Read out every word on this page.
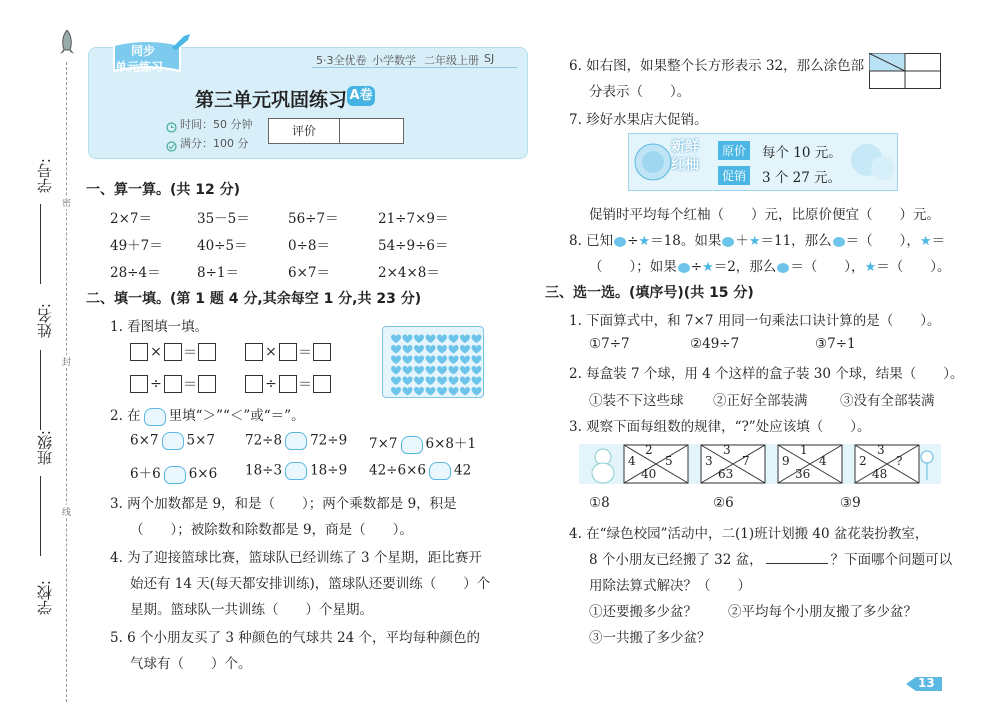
学号:
姓名:
班级:
学校:
密
封
线
同步
单元练习	5·3全优卷 小学数学 二年级上册 SJ
第三单元巩固练习 A卷
时间：50 分钟
满分：100 分
评价
一、算一算。(共 12 分)
2×7＝	35－5＝	56÷7＝	21÷7×9＝
49＋7＝	40÷5＝	0÷8＝	54÷9÷6＝
28÷4＝	8÷1＝	6×7＝	2×4×8＝
二、填一填。(第 1 题 4 分,其余每空 1 分,共 23 分)
1. 看图填一填。
× ＝	× ＝
÷ ＝	÷ ＝
2. 在 里填“＞”“＜”或“＝”。
6×7 5×7 72÷8 72÷9 7×7 6×8＋1
6＋6 6×6 18÷3 18÷9 42÷6×6 42
3. 两个加数都是 9，和是（　　）；两个乘数都是 9，积是
（　　）；被除数和除数都是 9，商是（　　）。
4. 为了迎接篮球比赛，篮球队已经训练了 3 个星期，距比赛开
始还有 14 天(每天都安排训练)，篮球队还要训练（　　）个
星期。篮球队一共训练（　　）个星期。
5. 6 个小朋友买了 3 种颜色的气球共 24 个，平均每种颜色的
气球有（　　）个。
6. 如右图，如果整个长方形表示 32，那么涂色部
分表示（　　）。
7. 珍好水果店大促销。
新鲜
红柚
原价 每个 10 元。
促销 3 个 27 元。
促销时平均每个红柚（　　）元，比原价便宜（　　）元。
8. 已知 ÷★＝18。如果 ＋★＝11，那么 ＝（　　），★＝
（　　）；如果 ÷★＝2，那么 ＝（　　），★＝（　　）。
三、选一选。(填序号)(共 15 分)
1. 下面算式中，和 7×7 用同一句乘法口诀计算的是（　　）。
①7÷7	②49÷7	③7÷1
2. 每盒装 7 个球，用 4 个这样的盒子装 30 个球，结果（　　）。
①装不下这些球 ②正好全部装满 ③没有全部装满
3. 观察下面每组数的规律，“?”处应该填（　　）。
2
4 5
40
3
3 7
63
1
9 4
36
3
2 ?
48
①8	②6	③9
4. 在“绿色校园”活动中，二(1)班计划搬 40 盆花装扮教室，
8 个小朋友已经搬了 32 盆，	？下面哪个问题可以
用除法算式解决？（　　）
①还要搬多少盆？ ②平均每个小朋友搬了多少盆？
③一共搬了多少盆？
13
